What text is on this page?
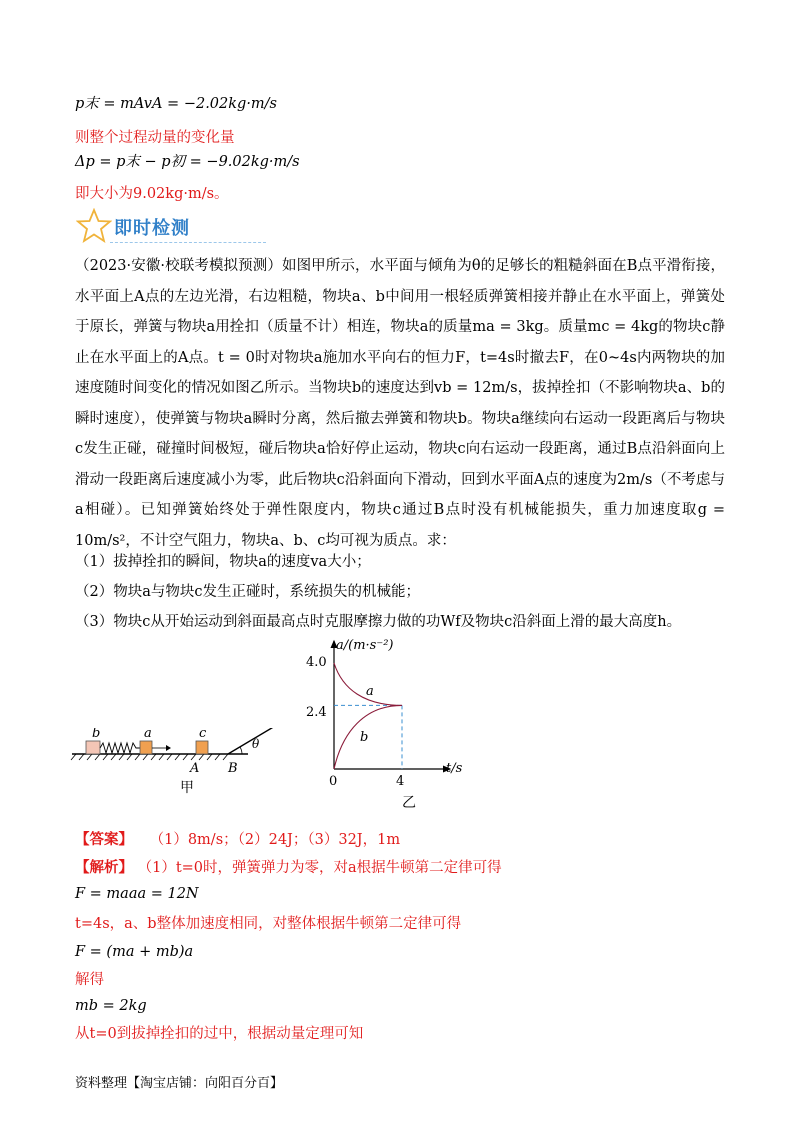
p末 = mAvA = −2.02kg·m/s
则整个过程动量的变化量
Δp = p末 − p初 = −9.02kg·m/s
即大小为9.02kg·m/s。
即时检测
（2023·安徽·校联考模拟预测）如图甲所示，水平面与倾角为θ的足够长的粗糙斜面在B点平滑衔接，水平面上A点的左边光滑，右边粗糙，物块a、b中间用一根轻质弹簧相接并静止在水平面上，弹簧处于原长，弹簧与物块a用拴扣（质量不计）相连，物块a的质量ma = 3kg。质量mc = 4kg的物块c静止在水平面上的A点。t = 0时对物块a施加水平向右的恒力F，t=4s时撤去F，在0~4s内两物块的加速度随时间变化的情况如图乙所示。当物块b的速度达到vb = 12m/s，拔掉拴扣（不影响物块a、b的瞬时速度），使弹簧与物块a瞬时分离，然后撤去弹簧和物块b。物块a继续向右运动一段距离后与物块c发生正碰，碰撞时间极短，碰后物块a恰好停止运动，物块c向右运动一段距离，通过B点沿斜面向上滑动一段距离后速度减小为零，此后物块c沿斜面向下滑动，回到水平面A点的速度为2m/s（不考虑与a相碰）。已知弹簧始终处于弹性限度内，物块c通过B点时没有机械能损失，重力加速度取g = 10m/s²，不计空气阻力，物块a、b、c均可视为质点。求：
（1）拔掉拴扣的瞬间，物块a的速度va大小；
（2）物块a与物块c发生正碰时，系统损失的机械能；
（3）物块c从开始运动到斜面最高点时克服摩擦力做的功Wf及物块c沿斜面上滑的最大高度h。
b	a	c
A B
θ
甲
a/(m·s⁻²)
t/s
4.0
2.4
0	4
a
b
乙
【答案】 （1）8m/s；（2）24J；（3）32J，1m
【解析】 （1）t=0时，弹簧弹力为零，对a根据牛顿第二定律可得
F = maaa = 12N
t=4s，a、b整体加速度相同，对整体根据牛顿第二定律可得
F = (ma + mb)a
解得
mb = 2kg
从t=0到拔掉拴扣的过中，根据动量定理可知
资料整理【淘宝店铺：向阳百分百】
